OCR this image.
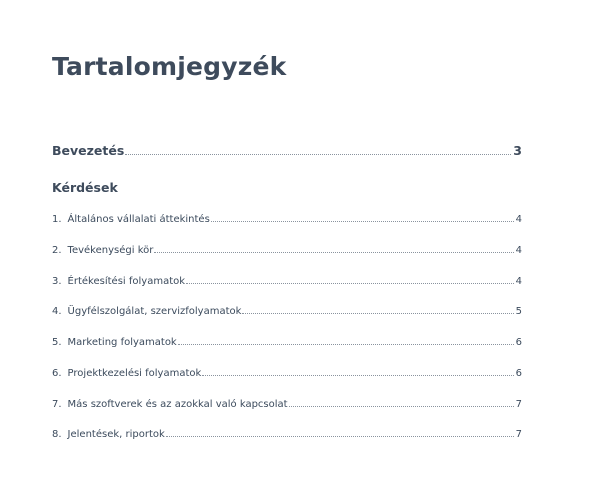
Tartalomjegyzék
Bevezetés	3
Kérdések
1. Általános vállalati áttekintés	4
2. Tevékenységi kör	4
3. Értékesítési folyamatok	4
4. Ügyfélszolgálat, szervizfolyamatok	5
5. Marketing folyamatok	6
6. Projektkezelési folyamatok	6
7. Más szoftverek és az azokkal való kapcsolat	7
8. Jelentések, riportok	7
